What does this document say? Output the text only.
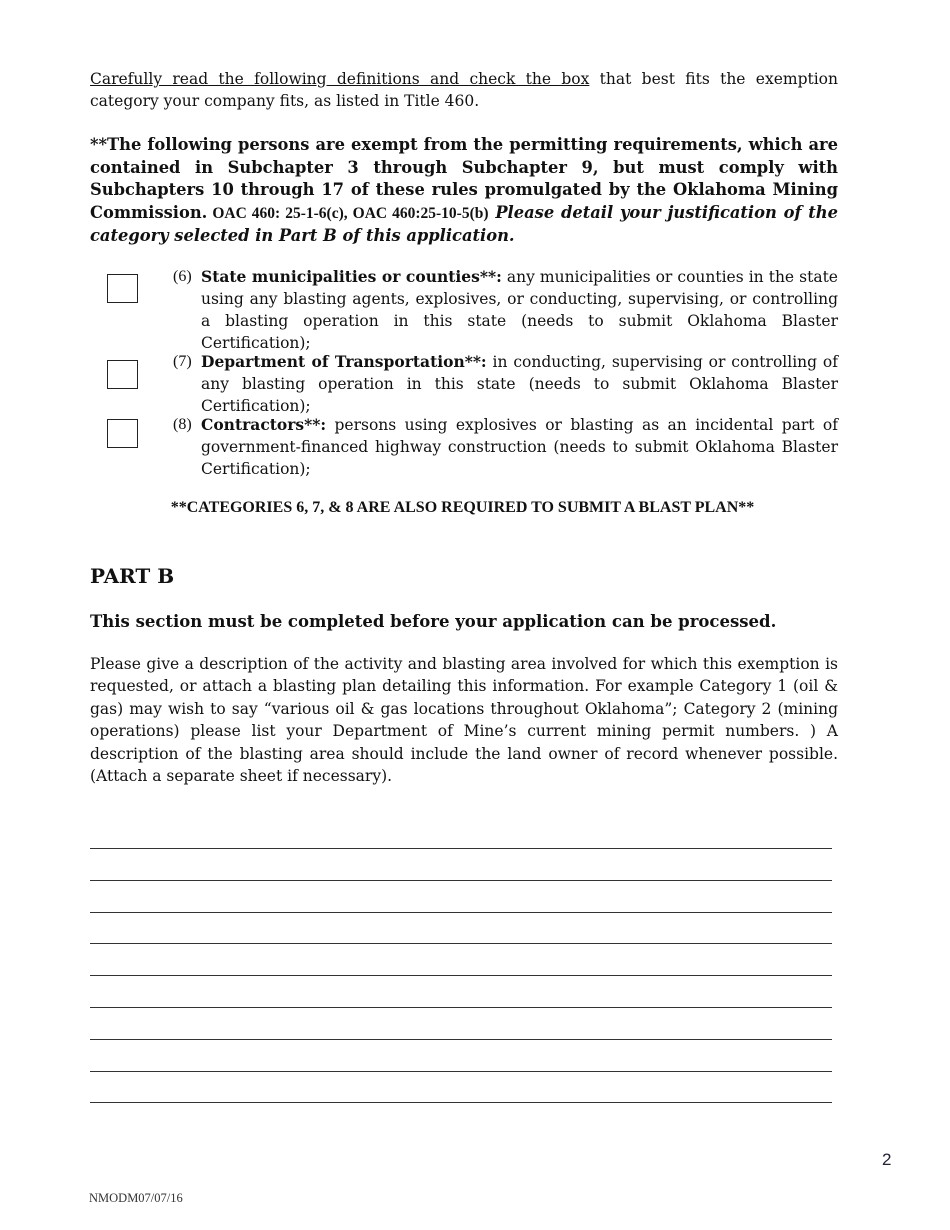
Carefully read the following definitions and check the box that best fits the exemption category your company fits, as listed in Title 460.
**The following persons are exempt from the permitting requirements, which are contained in Subchapter 3 through Subchapter 9, but must comply with Subchapters 10 through 17 of these rules promulgated by the Oklahoma Mining Commission. OAC 460: 25-1-6(c), OAC 460:25-10-5(b) Please detail your justification of the category selected in Part B of this application.
(6) State municipalities or counties**: any municipalities or counties in the state using any blasting agents, explosives, or conducting, supervising, or controlling a blasting operation in this state (needs to submit Oklahoma Blaster Certification);
(7) Department of Transportation**: in conducting, supervising or controlling of any blasting operation in this state (needs to submit Oklahoma Blaster Certification);
(8) Contractors**: persons using explosives or blasting as an incidental part of government-financed highway construction (needs to submit Oklahoma Blaster Certification);
**CATEGORIES 6, 7, & 8 ARE ALSO REQUIRED TO SUBMIT A BLAST PLAN**
PART B
This section must be completed before your application can be processed.
Please give a description of the activity and blasting area involved for which this exemption is requested, or attach a blasting plan detailing this information. For example Category 1 (oil & gas) may wish to say “various oil & gas locations throughout Oklahoma”; Category 2 (mining operations) please list your Department of Mine’s current mining permit numbers. ) A description of the blasting area should include the land owner of record whenever possible. (Attach a separate sheet if necessary).
2
NMODM07/07/16
